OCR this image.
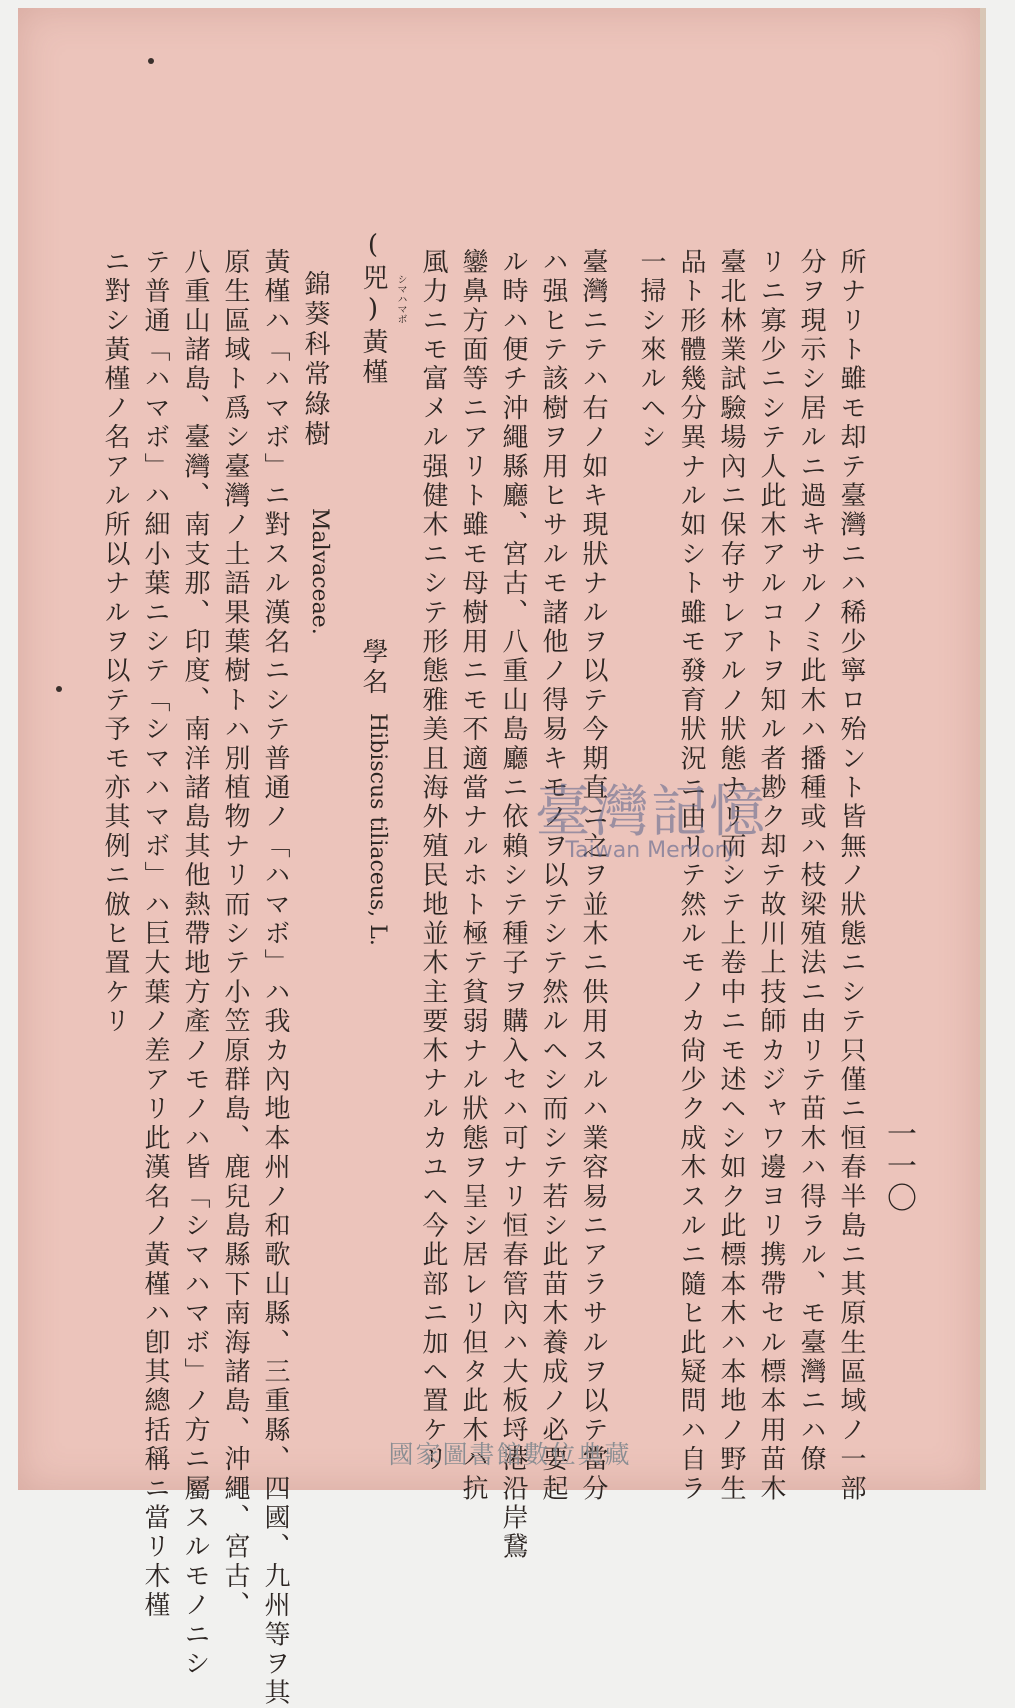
一一〇
所ナリト雖モ却テ臺灣ニハ稀少寧ロ殆ント皆無ノ狀態ニシテ只僅ニ恒春半島ニ其原生區域ノ一部
分ヲ現示シ居ルニ過キサルノミ此木ハ播種或ハ枝梁殖法ニ由リテ苗木ハ得ラル、モ臺灣ニハ僚
リニ寡少ニシテ人此木アルコトヲ知ル者尠ク却テ故川上技師カジャワ邊ヨリ携帶セル標本用苗木
臺北林業試驗場內ニ保存サレアルノ狀態ナリ而シテ上卷中ニモ述ヘシ如ク此標本木ハ本地ノ野生
品ト形體幾分異ナル如シト雖モ發育狀況ニ由リテ然ルモノカ尙少ク成木スルニ隨ヒ此疑問ハ自ラ
一掃シ來ルヘシ
臺灣ニテハ右ノ如キ現狀ナルヲ以テ今期直ニ之ヲ並木ニ供用スルハ業容易ニアラサルヲ以テ當分
ハ强ヒテ該樹ヲ用ヒサルモ諸他ノ得易キモノヲ以テシテ然ルヘシ而シテ若シ此苗木養成ノ必要起
ル時ハ便チ沖繩縣廳、宮古、八重山島廳ニ依賴シテ種子ヲ購入セハ可ナリ恒春管內ハ大板埒港沿岸鵞
鑾鼻方面等ニアリト雖モ母樹用ニモ不適當ナルホト極テ貧弱ナル狀態ヲ呈シ居レリ但タ此木ハ抗
風力ニモ富メル强健木ニシテ形態雅美且海外殖民地並木主要木ナルカユヘ今此部ニ加ヘ置ケリ
(兕)黃槿
シマハマボ
學名
Hibiscus tiliaceus, L.
錦葵科常綠樹
Malvaceae.
黃槿ハ「ハマボ」ニ對スル漢名ニシテ普通ノ「ハマボ」ハ我カ內地本州ノ和歌山縣、三重縣、四國、九州等ヲ其
原生區域ト爲シ臺灣ノ土語果葉樹トハ別植物ナリ而シテ小笠原群島、鹿兒島縣下南海諸島、沖繩、宮古、
八重山諸島、臺灣、南支那、印度、南洋諸島其他熱帶地方產ノモノハ皆「シマハマボ」ノ方ニ屬スルモノニシ
テ普通「ハマボ」ハ細小葉ニシテ「シマハマボ」ハ巨大葉ノ差アリ此漢名ノ黃槿ハ卽其總括稱ニ當リ木槿
ニ對シ黃槿ノ名アル所以ナルヲ以テ予モ亦其例ニ倣ヒ置ケリ	臺灣記憶
Taiwan Memory
國家圖書館數位典藏
